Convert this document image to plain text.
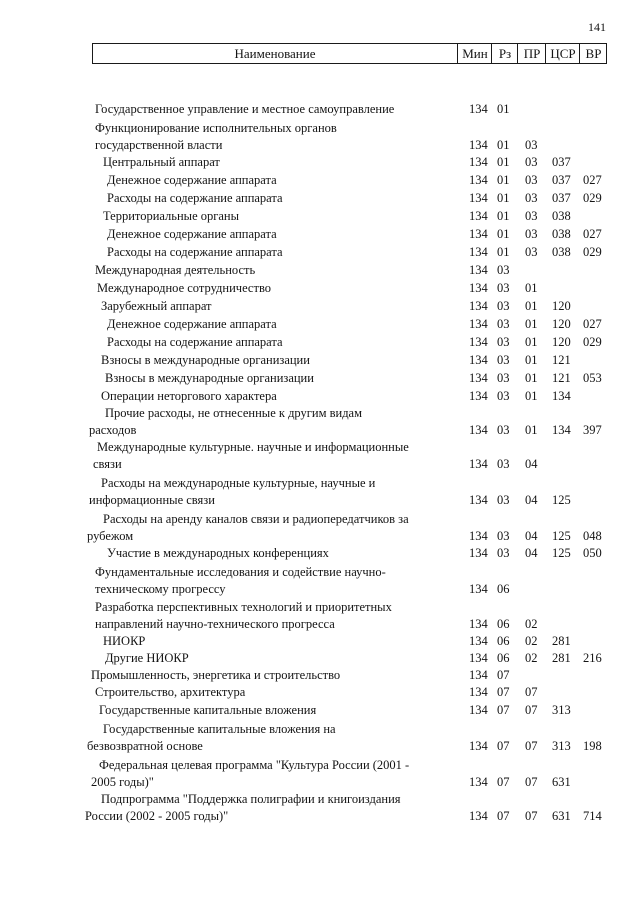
141
Наименование	Мин Рз ПР ЦСР ВР
Государственное управление и местное самоуправление	134 01
Функционирование исполнительных органов
государственной власти	134 01 03
Центральный аппарат	134 01 03 037
Денежное содержание аппарата	134 01 03 037 027
Расходы на содержание аппарата	134 01 03 037 029
Территориальные органы	134 01 03 038
Денежное содержание аппарата	134 01 03 038 027
Расходы на содержание аппарата	134 01 03 038 029
Международная деятельность	134 03
Международное сотрудничество	134 03 01
Зарубежный аппарат	134 03 01 120
Денежное содержание аппарата	134 03 01 120 027
Расходы на содержание аппарата	134 03 01 120 029
Взносы в международные организации	134 03 01 121
Взносы в международные организации	134 03 01 121 053
Операции неторгового характера	134 03 01 134
Прочие расходы, не отнесенные к другим видам
расходов	134 03 01 134 397
Международные культурные. научные и информационные
связи	134 03 04
Расходы на международные культурные, научные и
информационные связи	134 03 04 125
Расходы на аренду каналов связи и радиопередатчиков за
рубежом	134 03 04 125 048
Участие в международных конференциях	134 03 04 125 050
Фундаментальные исследования и содействие научно-
техническому прогрессу	134 06
Разработка перспективных технологий и приоритетных
направлений научно-технического прогресса	134 06 02
НИОКР	134 06 02 281
Другие НИОКР	134 06 02 281 216
Промышленность, энергетика и строительство	134 07
Строительство, архитектура	134 07 07
Государственные капитальные вложения	134 07 07 313
Государственные капитальные вложения на
безвозвратной основе	134 07 07 313 198
Федеральная целевая программа "Культура России (2001 -
2005 годы)"	134 07 07 631
Подпрограмма "Поддержка полиграфии и книгоиздания
России (2002 - 2005 годы)"	134 07 07 631 714
